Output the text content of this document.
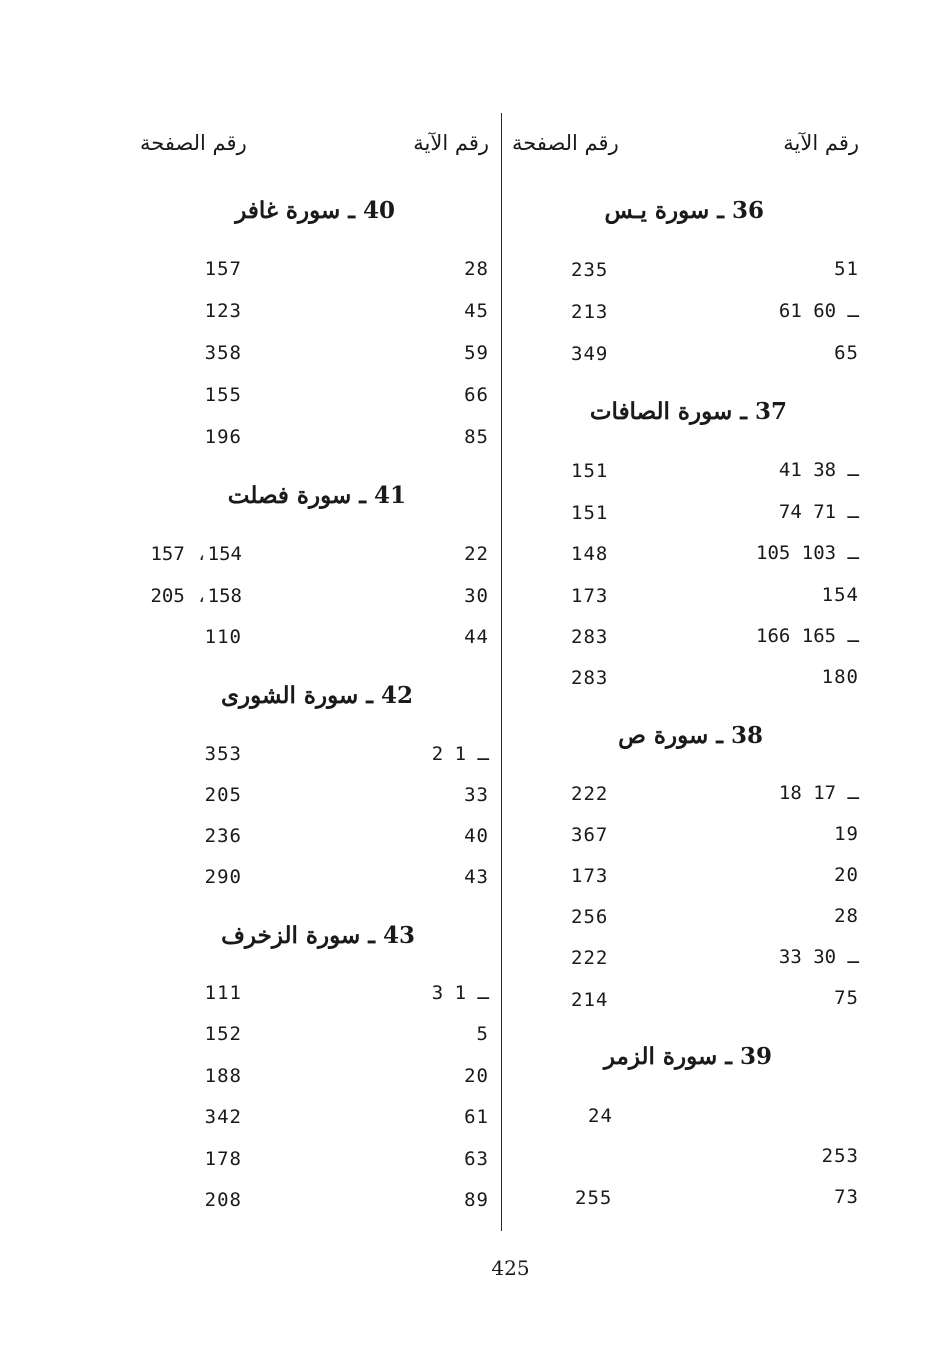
رقم الآية
رقم الصفحة
رقم الآية
رقم الصفحة
36 ـ سورة يـس
51
235
61 ـ 60
213
65
349
37 ـ سورة الصافات
41 ـ 38
151
74 ـ 71
151
105 ـ 103
148
154
173
166 ـ 165
283
180
283
38 ـ سورة ص
18 ـ 17
222
19
367
20
173
28
256
33 ـ 30
222
75
214
39 ـ سورة الزمر
24
253
73
255
40 ـ سورة غافر
28
157
45
123
59
358
66
155
85
196
41 ـ سورة فصلت
22
157 ،154
30
205 ،158
44
110
42 ـ سورة الشورى
2 ـ 1
353
33
205
40
236
43
290
43 ـ سورة الزخرف
3 ـ 1
111
5
152
20
188
61
342
63
178
89
208
425
